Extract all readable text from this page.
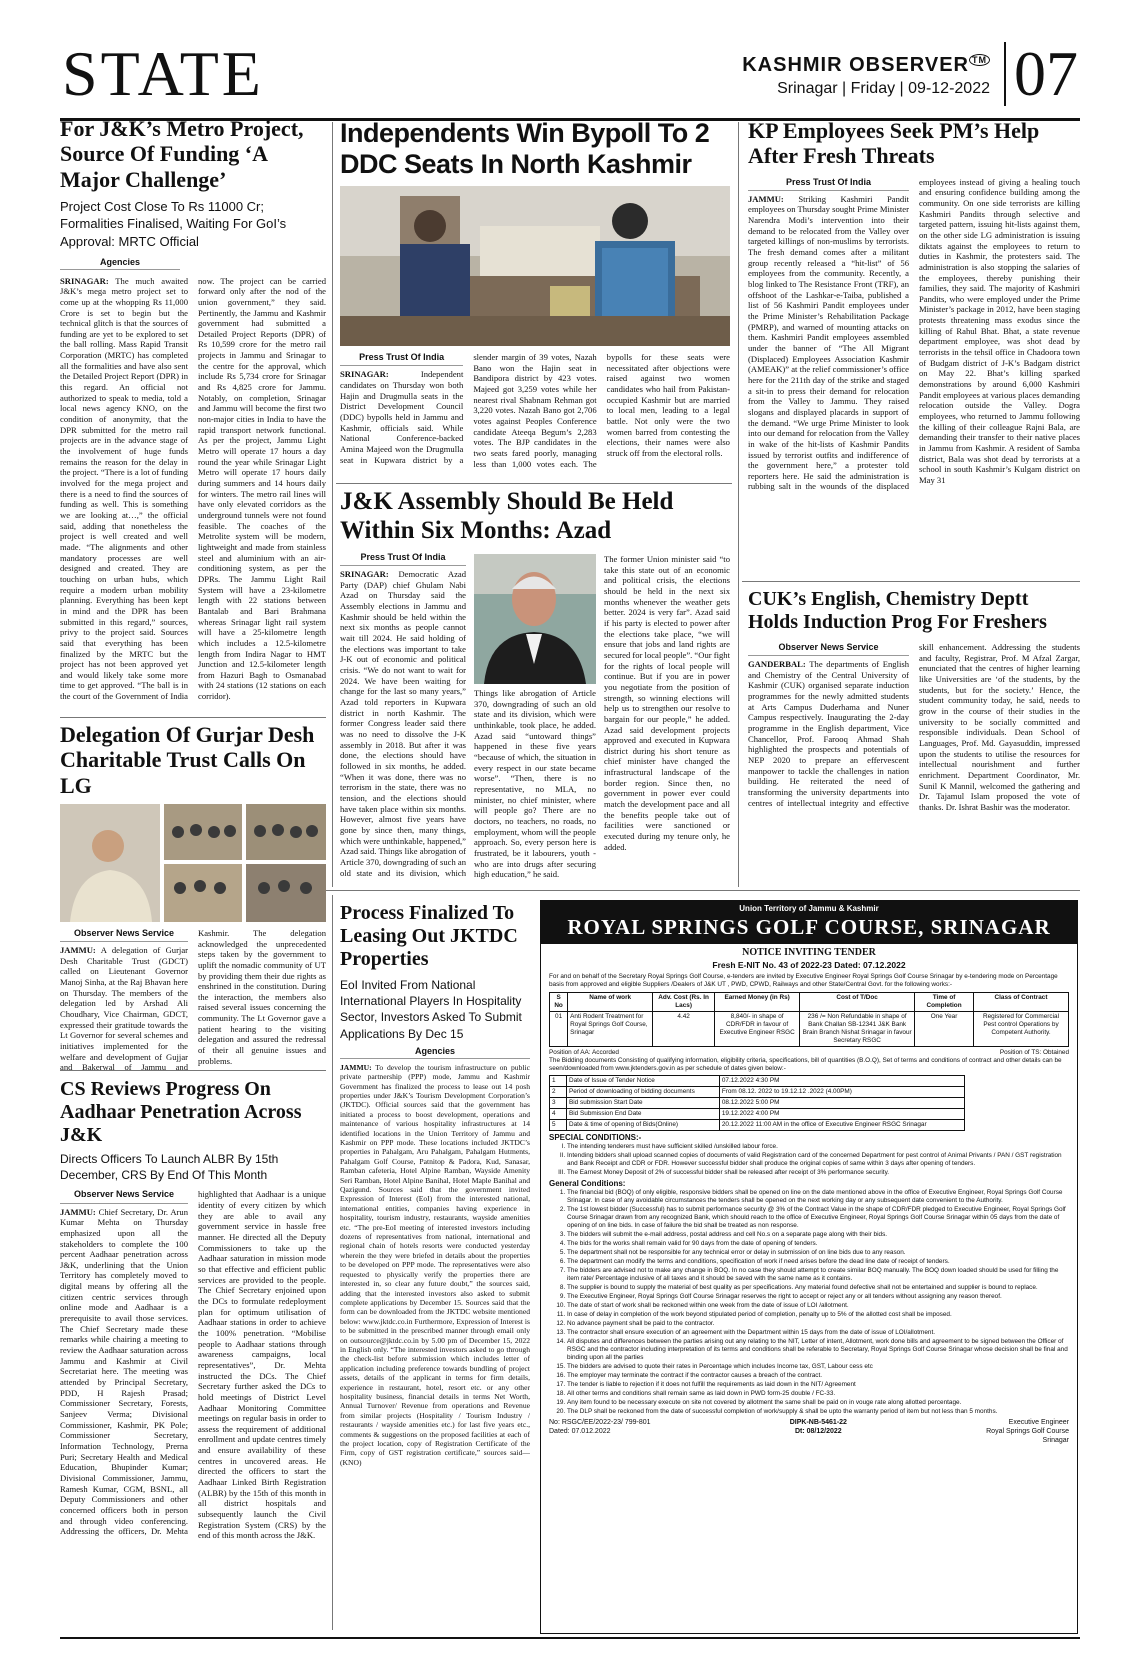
STATE	KASHMIR OBSERVER ™
Srinagar | Friday | 09-12-2022 07
For J&K’s Metro Project, Source Of Funding ‘A Major Challenge’
Project Cost Close To Rs 11000 Cr; Formalities Finalised, Waiting For GoI’s Approval: MRTC Official
Agencies

SRINAGAR: The much awaited J&K’s mega metro project set to come up at the whopping Rs 11,000 Crore is set to begin but the technical glitch is that the sources of funding are yet to be explored to set the ball rolling. Mass Rapid Transit Corporation (MRTC) has completed all the formalities and have also sent the Detailed Project Report (DPR) in this regard. An official not authorized to speak to media, told a local news agency KNO, on the condition of anonymity, that the DPR submitted for the metro rail projects are in the advance stage of the involvement of huge funds remains the reason for the delay in the project. “There is a lot of funding involved for the mega project and there is a need to find the sources of funding as well. This is something we are looking at…,” the official said, adding that nonetheless the project is well created and well made. “The alignments and other mandatory processes are well designed and created. They are touching on urban hubs, which require a modern urban mobility planning. Everything has been kept in mind and the DPR has been submitted in this regard,” sources, privy to the project said. Sources said that everything has been finalized by the MRTC but the project has not been approved yet and would likely take some more time to get approved. “The ball is in the court of the Government of India now. The project can be carried forward only after the nod of the union government,” they said. Pertinently, the Jammu and Kashmir government had submitted a Detailed Project Reports (DPR) of Rs 10,599 crore for the metro rail projects in Jammu and Srinagar to the centre for the approval, which include Rs 5,734 crore for Srinagar and Rs 4,825 crore for Jammu. Notably, on completion, Srinagar and Jammu will become the first two non-major cities in India to have the rapid transport network functional. As per the project, Jammu Light Metro will operate 17 hours a day round the year while Srinagar Light Metro will operate 17 hours daily during summers and 14 hours daily for winters. The metro rail lines will have only elevated corridors as the underground tunnels were not found feasible. The coaches of the Metrolite system will be modern, lightweight and made from stainless steel and aluminium with an air-conditioning system, as per the DPRs. The Jammu Light Rail System will have a 23-kilometre length with 22 stations between Bantalab and Bari Brahmana whereas Srinagar light rail system will have a 25-kilometre length which includes a 12.5-kilometre length from Indira Nagar to HMT Junction and 12.5-kilometer length from Hazuri Bagh to Osmanabad with 24 stations (12 stations on each corridor).

Independents Win Bypoll To 2 DDC Seats In North Kashmir
Press Trust Of India

SRINAGAR: Independent candidates on Thursday won both Hajin and Drugmulla seats in the District Development Council (DDC) bypolls held in Jammu and Kashmir, officials said. While National Conference-backed Amina Majeed won the Drugmulla seat in Kupwara district by a slender margin of 39 votes, Nazah Bano won the Hajin seat in Bandipora district by 423 votes. Majeed got 3,259 votes while her nearest rival Shabnam Rehman got 3,220 votes. Nazah Bano got 2,706 votes against Peoples Conference candidate Ateeqa Begum’s 2,283 votes. The BJP candidates in the two seats fared poorly, managing less than 1,000 votes each. The bypolls for these seats were necessitated after objections were raised against two women candidates who hail from Pakistan-occupied Kashmir but are married to local men, leading to a legal battle. Not only were the two women barred from contesting the elections, their names were also struck off from the electoral rolls.

J&K Assembly Should Be Held Within Six Months: Azad
Press Trust Of India

SRINAGAR: Democratic Azad Party (DAP) chief Ghulam Nabi Azad on Thursday said the Assembly elections in Jammu and Kashmir should be held within the next six months as people cannot wait till 2024. He said holding of the elections was important to take J-K out of economic and political crisis. “We do not want to wait for 2024. We have been waiting for change for the last so many years,” Azad told reporters in Kupwara district in north Kashmir. The former Congress leader said there was no need to dissolve the J-K assembly in 2018. But after it was done, the elections should have followed in six months, he added. “When it was done, there was no terrorism in the state, there was no tension, and the elections should have taken place within six months. However, almost five years have gone by since then, many things, which were unthinkable, happened,” Azad said. Things like abrogation of Article 370, downgrading of such an old state and its division, which

Things like abrogation of Article 370, downgrading of such an old state and its division, which were unthinkable, took place, he added. Azad said “untoward things” happened in these five years “because of which, the situation in every respect in our state became worse”. “Then, there is no representative, no MLA, no minister, no chief minister, where will people go? There are no doctors, no teachers, no roads, no employment, whom will the people approach. So, every person here is frustrated, be it labourers, youth - who are into drugs after securing high education,” he said.

The former Union minister said “to take this state out of an economic and political crisis, the elections should be held in the next six months whenever the weather gets better. 2024 is very far”. Azad said if his party is elected to power after the elections take place, “we will ensure that jobs and land rights are secured for local people”. “Our fight for the rights of local people will continue. But if you are in power you negotiate from the position of strength, so winning elections will help us to strengthen our resolve to bargain for our people,” he added. Azad said development projects approved and executed in Kupwara district during his short tenure as chief minister have changed the infrastructural landscape of the border region. Since then, no government in power ever could match the development pace and all the benefits people take out of facilities were sanctioned or executed during my tenure only, he added.

KP Employees Seek PM’s Help After Fresh Threats
Press Trust Of India

JAMMU: Striking Kashmiri Pandit employees on Thursday sought Prime Minister Narendra Modi’s intervention into their demand to be relocated from the Valley over targeted killings of non-muslims by terrorists. The fresh demand comes after a militant group recently released a “hit-list” of 56 employees from the community. Recently, a blog linked to The Resistance Front (TRF), an offshoot of the Lashkar-e-Taiba, published a list of 56 Kashmiri Pandit employees under the Prime Minister’s Rehabilitation Package (PMRP), and warned of mounting attacks on them. Kashmiri Pandit employees assembled under the banner of “The All Migrant (Displaced) Employees Association Kashmir (AMEAK)” at the relief commissioner’s office here for the 211th day of the strike and staged a sit-in to press their demand for relocation from the Valley to Jammu. They raised slogans and displayed placards in support of the demand. “We urge Prime Minister to look into our demand for relocation from the Valley in wake of the hit-lists of Kashmir Pandits issued by terrorist outfits and indifference of the government here,” a protester told reporters here. He said the administration is rubbing salt in the wounds of the displaced employees instead of giving a healing touch and ensuring confidence building among the community. On one side terrorists are killing Kashmiri Pandits through selective and targeted pattern, issuing hit-lists against them, on the other side LG administration is issuing diktats against the employees to return to duties in Kashmir, the protesters said. The administration is also stopping the salaries of the employees, thereby punishing their families, they said. The majority of Kashmiri Pandits, who were employed under the Prime Minister’s package in 2012, have been staging protests threatening mass exodus since the killing of Rahul Bhat. Bhat, a state revenue department employee, was shot dead by terrorists in the tehsil office in Chadoora town of Budgam district of J-K’s Badgam district on May 22. Bhat’s killing sparked demonstrations by around 6,000 Kashmiri Pandit employees at various places demanding relocation outside the Valley. Dogra employees, who returned to Jammu following the killing of their colleague Rajni Bala, are demanding their transfer to their native places in Jammu from Kashmir. A resident of Samba district, Bala was shot dead by terrorists at a school in south Kashmir’s Kulgam district on May 31

CUK’s English, Chemistry Deptt Holds Induction Prog For Freshers
Observer News Service

GANDERBAL: The departments of English and Chemistry of the Central University of Kashmir (CUK) organised separate induction programmes for the newly admitted students at Arts Campus Duderhama and Nuner Campus respectively. Inaugurating the 2-day programme in the English department, Vice Chancellor, Prof. Farooq Ahmad Shah highlighted the prospects and potentials of NEP 2020 to prepare an effervescent manpower to tackle the challenges in nation building. He reiterated the need of transforming the university departments into centres of intellectual integrity and effective skill enhancement. Addressing the students and faculty, Registrar, Prof. M Afzal Zargar, enunciated that the centres of higher learning like Universities are ‘of the students, by the students, but for the society.’ Hence, the student community today, he said, needs to grow in the course of their studies in the university to be socially committed and responsible individuals. Dean School of Languages, Prof. Md. Gayasuddin, impressed upon the students to utilise the resources for intellectual nourishment and further enrichment. Department Coordinator, Mr. Sunil K Mannil, welcomed the gathering and Dr. Tajamul Islam proposed the vote of thanks. Dr. Ishrat Bashir was the moderator.

Delegation Of Gurjar Desh Charitable Trust Calls On LG
Observer News Service

JAMMU: A delegation of Gurjar Desh Charitable Trust (GDCT) called on Lieutenant Governor Manoj Sinha, at the Raj Bhavan here on Thursday. The members of the delegation led by Arshad Ali Choudhary, Vice Chairman, GDCT, expressed their gratitude towards the Lt Governor for several schemes and initiatives implemented for the welfare and development of Gujjar and Bakerwal of Jammu and Kashmir. The delegation acknowledged the unprecedented steps taken by the government to uplift the nomadic community of UT by providing them their due rights as enshrined in the constitution. During the interaction, the members also raised several issues concerning the community. The Lt Governor gave a patient hearing to the visiting delegation and assured the redressal of their all genuine issues and problems.

CS Reviews Progress On Aadhaar Penetration Across J&K
Directs Officers To Launch ALBR By 15th December, CRS By End Of This Month
Observer News Service

JAMMU: Chief Secretary, Dr. Arun Kumar Mehta on Thursday emphasized upon all the stakeholders to complete the 100 percent Aadhaar penetration across J&K, underlining that the Union Territory has completely moved to digital means by offering all the citizen centric services through online mode and Aadhaar is a prerequisite to avail those services. The Chief Secretary made these remarks while chairing a meeting to review the Aadhaar saturation across Jammu and Kashmir at Civil Secretariat here. The meeting was attended by Principal Secretary, PDD, H Rajesh Prasad; Commissioner Secretary, Forests, Sanjeev Verma; Divisional Commissioner, Kashmir, PK Pole; Commissioner Secretary, Information Technology, Prerna Puri; Secretary Health and Medical Education, Bhupinder Kumar; Divisional Commissioner, Jammu, Ramesh Kumar, CGM, BSNL, all Deputy Commissioners and other concerned officers both in person and through video conferencing. Addressing the officers, Dr. Mehta highlighted that Aadhaar is a unique identity of every citizen by which they are able to avail any government service in hassle free manner. He directed all the Deputy Commissioners to take up the Aadhaar saturation in mission mode so that effective and efficient public services are provided to the people. The Chief Secretary enjoined upon the DCs to formulate redeployment plan for optimum utilisation of Aadhaar stations in order to achieve the 100% penetration. “Mobilise people to Aadhaar stations through awareness campaigns, local representatives”, Dr. Mehta instructed the DCs. The Chief Secretary further asked the DCs to hold meetings of District Level Aadhaar Monitoring Committee meetings on regular basis in order to assess the requirement of additional enrollment and update centres timely and ensure availability of these centres in uncovered areas. He directed the officers to start the Aadhaar Linked Birth Registration (ALBR) by the 15th of this month in all district hospitals and subsequently launch the Civil Registration System (CRS) by the end of this month across the J&K.

Process Finalized To Leasing Out JKTDC Properties
EoI Invited From National International Players In Hospitality Sector, Investors Asked To Submit Applications By Dec 15
Agencies

JAMMU: To develop the tourism infrastructure on public private partnership (PPP) mode, Jammu and Kashmir Government has finalized the process to lease out 14 posh properties under J&K’s Tourism Development Corporation’s (JKTDC). Official sources said that the government has initiated a process to boost development, operations and maintenance of various hospitality infrastructures at 14 identified locations in the Union Territory of Jammu and Kashmir on PPP mode. These locations included JKTDC’s properties in Pahalgam, Aru Pahalgam, Pahalgam Hutments, Pahalgam Golf Course, Patnitop & Padora, Kud, Sanasar, Ramban cafeteria, Hotel Alpine Ramban, Wayside Amenity Seri Ramban, Hotel Alpine Banihal, Hotel Maple Banihal and Qazigund. Sources said that the government invited Expression of Interest (EoI) from the interested national, international entities, companies having experience in hospitality, tourism industry, restaurants, wayside amenities etc. “The pre-EoI meeting of interested investors including dozens of representatives from national, international and regional chain of hotels resorts were conducted yesterday wherein the they were briefed in details about the properties to be developed on PPP mode. The representatives were also requested to physically verify the properties there are interested in, so clear any future doubt,” the sources said, adding that the interested investors also asked to submit complete applications by December 15. Sources said that the form can be downloaded from the JKTDC website mentioned below: www.jktdc.co.in Furthermore, Expression of Interest is to be submitted in the prescribed manner through email only on outsource@jktdc.co.in by 5.00 pm of December 15, 2022 in English only. “The interested investors asked to go through the check-list before submission which includes letter of application including preference towards bundling of project assets, details of the applicant in terms for firm details, experience in restaurant, hotel, resort etc. or any other hospitality business, financial details in terms Net Worth, Annual Turnover/ Revenue from operations and Revenue from similar projects (Hospitality / Tourism Industry / restaurants / wayside amenities etc.) for last five years etc., comments & suggestions on the proposed facilities at each of the project location, copy of Registration Certificate of the Firm, copy of GST registration certificate,” sources said—(KNO)

Union Territory of Jammu & Kashmir
ROYAL SPRINGS GOLF COURSE, SRINAGAR
NOTICE INVITING TENDER
Fresh E-NIT No. 43 of 2022-23 Dated: 07.12.2022
For and on behalf of the Secretary Royal Springs Golf Course, e-tenders are invited by Executive Engineer Royal Springs Golf Course Srinagar by e-tendering mode on Percentage basis from approved and eligible Suppliers /Dealers of J&K UT , PWD, CPWD, Railways and other State/Central Govt. for the following works:-
S No	Name of work	Adv. Cost (Rs. In Lacs)	Earned Money (in Rs)	Cost of T/Doc	Time of Completion	Class of Contract
01	Anti Rodent Treatment for Royal Springs Golf Course, Srinagar	4.42	8,840/- in shape of CDR/FDR in favour of Executive Engineer RSGC	236 /= Non Refundable in shape of Bank Challan SB-12341 J&K Bank Brain Branch Nishat Srinagar in favour Secretary RSGC	One Year	Registered for Commercial Pest control Operations by Competent Authority.
Position of AA: Accorded	Position of TS: Obtained
The Bidding documents Consisting of qualifying information, eligibility criteria, specifications, bill of quantities (B.O.Q), Set of terms and conditions of contract and other details can be seen/downloaded from www.jktenders.gov.in as per schedule of dates given below:-
1	Date of Issue of Tender Notice	07.12.2022 4:30 PM
2	Period of downloading of bidding documents	From 08.12. 2022 to 19.12.12 .2022 (4.00PM)
3	Bid submission Start Date	08.12.2022 5:00 PM
4	Bid Submission End Date	19.12.2022 4:00 PM
5	Date & time of opening of Bids(Online)	20.12.2022 11:00 AM in the office of Executive Engineer RSGC Srinagar
SPECIAL CONDITIONS:-
I. The intending tenderers must have sufficient skilled /unskilled labour force.
II. Intending bidders shall upload scanned copies of documents of valid Registration card of the concerned Department for pest control of Animal Privants / PAN / GST registration and Bank Receipt and CDR or FDR. However successful bidder shall produce the original copies of same within 3 days after opening of tenders.
III. The Earnest Money Deposit of 2% of successful bidder shall be released after receipt of 3% performance security.
General Conditions:
1. The financial bid (BOQ) of only eligible, responsive bidders shall be opened on line on the date mentioned above in the office of Executive Engineer, Royal Springs Golf Course Srinagar. In case of any avoidable circumstances the tenders shall be opened on the next working day or any subsequent date convenient to the Authority.
2. The 1st lowest bidder (Successful) has to submit performance security @ 3% of the Contract Value in the shape of CDR/FDR pledged to Executive Engineer, Royal Springs Golf Course Srinagar drawn from any recognized Bank, which should reach to the office of Executive Engineer, Royal Springs Golf Course Srinagar within 05 days from the date of opening of on line bids. In case of failure the bid shall be treated as non response.
3. The bidders will submit the e-mail address, postal address and cell No.s on a separate page along with their bids.
4. The bids for the works shall remain valid for 90 days from the date of opening of tenders.
5. The department shall not be responsible for any technical error or delay in submission of on line bids due to any reason.
6. The department can modify the terms and conditions, specification of work if need arises before the dead line date of receipt of tenders.
7. The bidders are advised not to make any change in BOQ. In no case they should attempt to create similar BOQ manually. The BOQ down loaded should be used for filling the item rate/ Percentage inclusive of all taxes and it should be saved with the same name as it contains.
8. The supplier is bound to supply the material of best quality as per specifications. Any material found defective shall not be entertained and supplier is bound to replace.
9. The Executive Engineer, Royal Springs Golf Course Srinagar reserves the right to accept or reject any or all tenders without assigning any reason thereof.
10. The date of start of work shall be reckoned within one week from the date of issue of LOI /allotment.
11. In case of delay in completion of the work beyond stipulated period of completion, penalty up to 5% of the allotted cost shall be imposed.
12. No advance payment shall be paid to the contractor.
13. The contractor shall ensure execution of an agreement with the Department within 15 days from the date of issue of LOI/allotment.
14. All disputes and differences between the parties arising out any relating to the NIT, Letter of intent, Allotment, work done bills and agreement to be signed between the Officer of RSGC and the contractor including interpretation of its terms and conditions shall be referable to Secretary, Royal Springs Golf Course Srinagar whose decision shall be final and binding upon all the parties
15. The bidders are advised to quote their rates in Percentage which includes Income tax, GST, Labour cess etc
16. The employer may terminate the contract if the contractor causes a breach of the contract.
17. The tender is liable to rejection if it does not fulfill the requirements as laid down in the NIT/ Agreement
18. All other terms and conditions shall remain same as laid down in PWD form-25 double / FC-33.
19. Any item found to be necessary execute on site not covered by allotment the same shall be paid on in vouge rate along allotted percentage.
20. The DLP shall be reckoned from the date of successful completion of work/supply & shall be upto the warranty period of item but not less than 5 months.
No: RSGC/EE/2022-23/ 799-801
Dated: 07.012.2022
DIPK-NB-5461-22
Dt: 08/12/2022
Executive Engineer
Royal Springs Golf Course
Srinagar
